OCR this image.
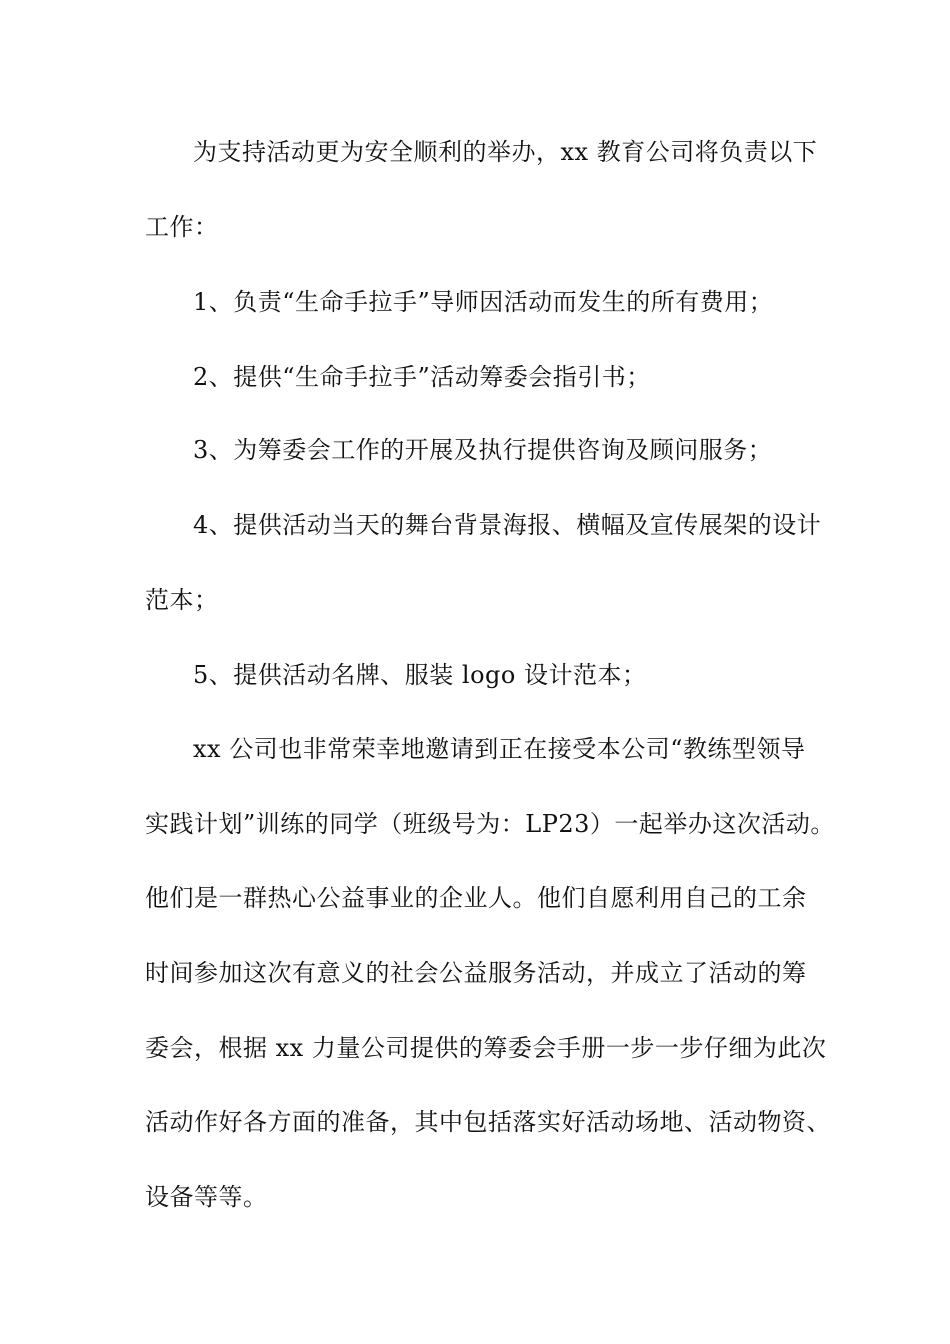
为支持活动更为安全顺利的举办，xx 教育公司将负责以下

工作：

1、负责“生命手拉手”导师因活动而发生的所有费用；

2、提供“生命手拉手”活动筹委会指引书；

3、为筹委会工作的开展及执行提供咨询及顾问服务；

4、提供活动当天的舞台背景海报、横幅及宣传展架的设计

范本；

5、提供活动名牌、服装 logo 设计范本；

xx 公司也非常荣幸地邀请到正在接受本公司“教练型领导

实践计划”训练的同学（班级号为：LP23）一起举办这次活动。

他们是一群热心公益事业的企业人。他们自愿利用自己的工余

时间参加这次有意义的社会公益服务活动，并成立了活动的筹

委会，根据 xx 力量公司提供的筹委会手册一步一步仔细为此次

活动作好各方面的准备，其中包括落实好活动场地、活动物资、

设备等等。
